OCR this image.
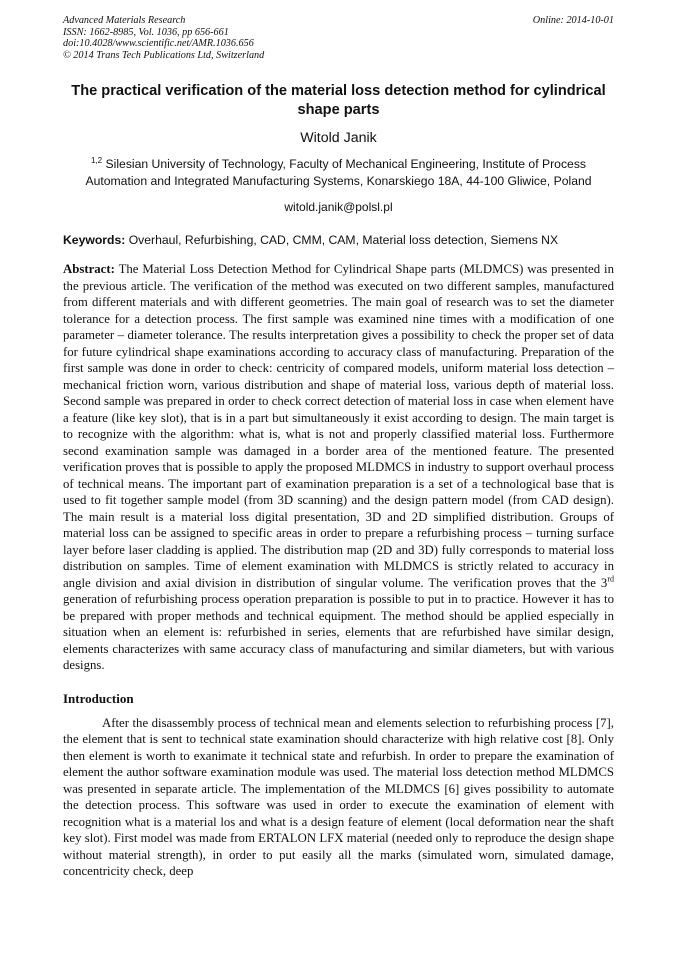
Advanced Materials Research	Online: 2014-10-01
ISSN: 1662-8985, Vol. 1036, pp 656-661
doi:10.4028/www.scientific.net/AMR.1036.656
© 2014 Trans Tech Publications Ltd, Switzerland
The practical verification of the material loss detection method for cylindrical shape parts
Witold Janik
$^{1,2}$ Silesian University of Technology, Faculty of Mechanical Engineering, Institute of Process Automation and Integrated Manufacturing Systems, Konarskiego 18A, 44-100 Gliwice, Poland
witold.janik@polsl.pl
Keywords: Overhaul, Refurbishing, CAD, CMM, CAM, Material loss detection, Siemens NX
Abstract: The Material Loss Detection Method for Cylindrical Shape parts (MLDMCS) was presented in the previous article. The verification of the method was executed on two different samples, manufactured from different materials and with different geometries. The main goal of research was to set the diameter tolerance for a detection process. The first sample was examined nine times with a modification of one parameter – diameter tolerance. The results interpretation gives a possibility to check the proper set of data for future cylindrical shape examinations according to accuracy class of manufacturing. Preparation of the first sample was done in order to check: centricity of compared models, uniform material loss detection – mechanical friction worn, various distribution and shape of material loss, various depth of material loss. Second sample was prepared in order to check correct detection of material loss in case when element have a feature (like key slot), that is in a part but simultaneously it exist according to design. The main target is to recognize with the algorithm: what is, what is not and properly classified material loss. Furthermore second examination sample was damaged in a border area of the mentioned feature. The presented verification proves that is possible to apply the proposed MLDMCS in industry to support overhaul process of technical means. The important part of examination preparation is a set of a technological base that is used to fit together sample model (from 3D scanning) and the design pattern model (from CAD design). The main result is a material loss digital presentation, 3D and 2D simplified distribution. Groups of material loss can be assigned to specific areas in order to prepare a refurbishing process – turning surface layer before laser cladding is applied. The distribution map (2D and 3D) fully corresponds to material loss distribution on samples. Time of element examination with MLDMCS is strictly related to accuracy in angle division and axial division in distribution of singular volume. The verification proves that the 3rd generation of refurbishing process operation preparation is possible to put in to practice. However it has to be prepared with proper methods and technical equipment. The method should be applied especially in situation when an element is: refurbished in series, elements that are refurbished have similar design, elements characterizes with same accuracy class of manufacturing and similar diameters, but with various designs.
Introduction
After the disassembly process of technical mean and elements selection to refurbishing process [7], the element that is sent to technical state examination should characterize with high relative cost [8]. Only then element is worth to exanimate it technical state and refurbish. In order to prepare the examination of element the author software examination module was used. The material loss detection method MLDMCS was presented in separate article. The implementation of the MLDMCS [6] gives possibility to automate the detection process. This software was used in order to execute the examination of element with recognition what is a material los and what is a design feature of element (local deformation near the shaft key slot). First model was made from ERTALON LFX material (needed only to reproduce the design shape without material strength), in order to put easily all the marks (simulated worn, simulated damage, concentricity check, deep
